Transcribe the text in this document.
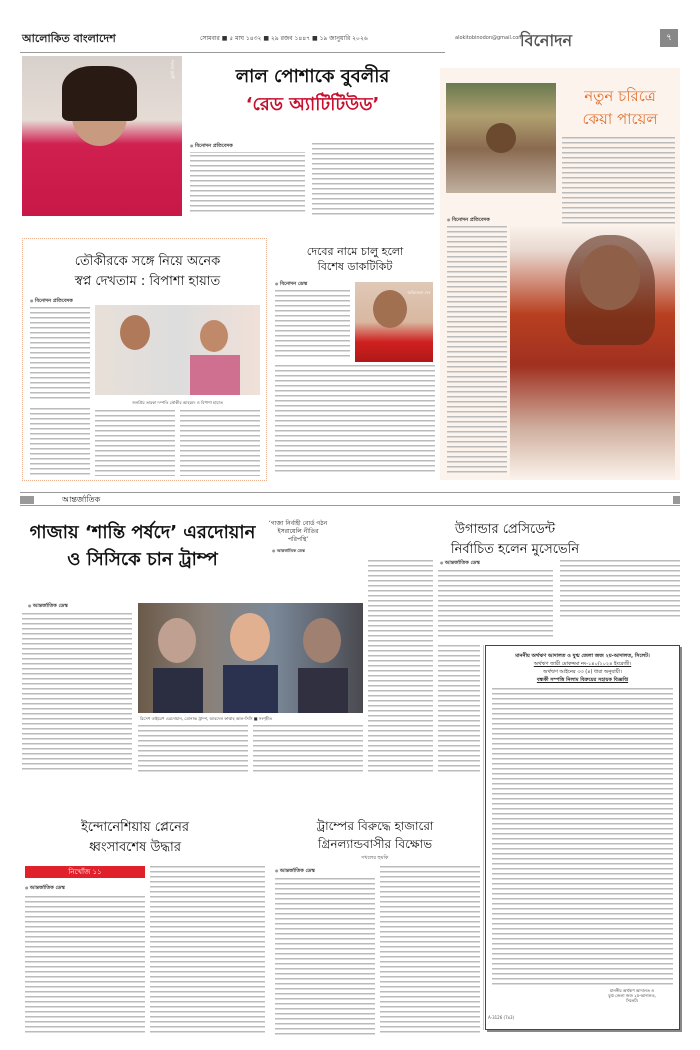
আলোকিত বাংলাদেশ	সোমবার ■ ৫ মাঘ ১৪৩২ ■ ২৯ রজব ১৪৪৭ ■ ১৯ জানুয়ারি ২০২৬	alokitobinodon@gmail.com
বিনোদন	৭
শবনম বুবলী	লাল পোশাকে বুবলীর
‘রেড অ্যাটিটিউড’
● বিনোদন প্রতিবেদক
নতুন চরিত্রে
কেয়া পায়েল
● বিনোদন প্রতিবেদক
তৌকীরকে সঙ্গে নিয়ে অনেক
স্বপ্ন দেখতাম : বিপাশা হায়াত
● বিনোদন প্রতিবেদক
জনপ্রিয় তারকা দম্পতি তৌকীর আহমেদ ও বিপাশা হায়াত
দেবের নামে চালু হলো
বিশেষ ডাকটিকিট
● বিনোদন ডেস্ক
অভিনেতা দেব
আন্তর্জাতিক
গাজায় ‘শান্তি পর্ষদে’ এরদোয়ান
ও সিসিকে চান ট্রাম্প
● আন্তর্জাতিক ডেস্ক
রিসেপ তাইয়েপ এরদোয়ান, ডোনাল্ড ট্রাম্প, আবদেল ফাত্তাহ আল-সিসি ■ সংগৃহীত
‘গাজা নির্বাহী বোর্ড গঠন ইসরায়েলি নীতির পরিপন্থি’
● আন্তর্জাতিক ডেস্ক
উগান্ডার প্রেসিডেন্ট
নির্বাচিত হলেন মুসেভেনি
● আন্তর্জাতিক ডেস্ক
ইন্দোনেশিয়ায় প্লেনের
ধ্বংসাবশেষ উদ্ধার
নিখোঁজ ১১
● আন্তর্জাতিক ডেস্ক
ট্রাম্পের বিরুদ্ধে হাজারো
গ্রিনল্যান্ডবাসীর বিক্ষোভ
দখলের হুমকি
● আন্তর্জাতিক ডেস্ক
মাননীয় অর্থঋণ আদালত ও যুগ্ম জেলা জজ ২য়-আদালত, সিলেট।
অর্থঋণ জারী মোকদ্দমা নং-১৪০/২০২৪ ইংরেজী।
অর্থঋণ আইনের ৩৩ (৪) ধারা অনুযায়ী।
বন্ধকী সম্পত্তি নিলাম বিক্রয়ের সহায়ক বিজ্ঞপ্তি
মাননীয় অর্থঋণ আদালত ও
যুগ্ম জেলা জজ ২য়-আদালত,
সিলেট।
A-3126 (7x3)
